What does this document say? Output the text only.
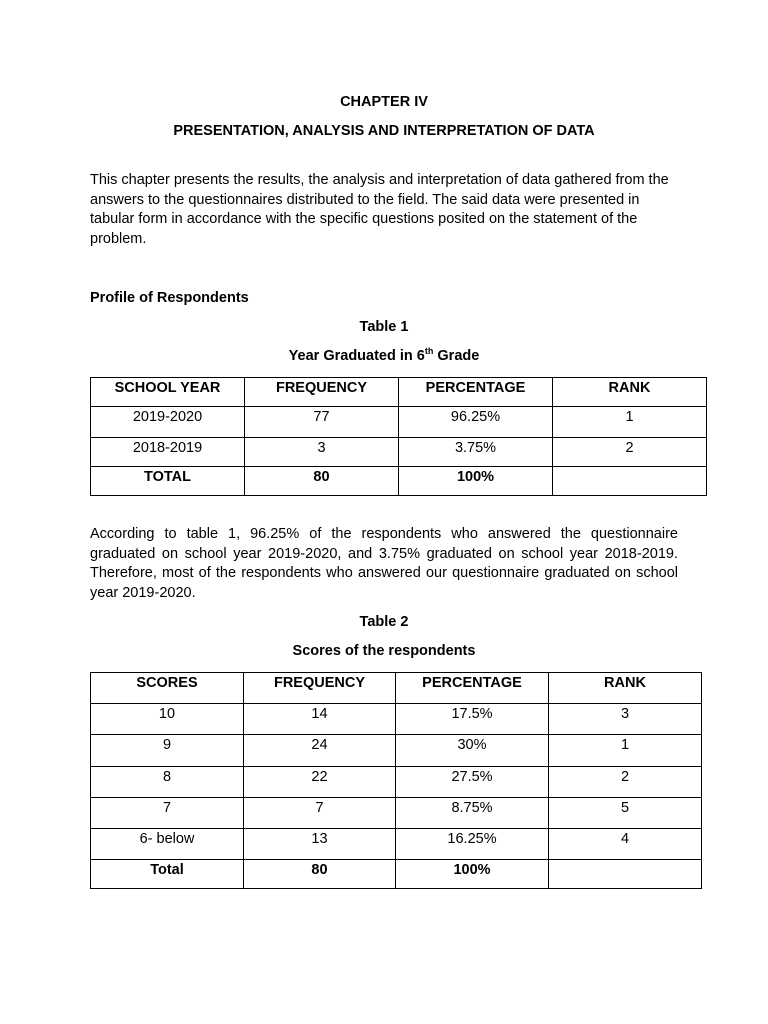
CHAPTER IV
PRESENTATION, ANALYSIS AND INTERPRETATION OF DATA

This chapter presents the results, the analysis and interpretation of data gathered from the answers to the questionnaires distributed to the field. The said data were presented in tabular form in accordance with the specific questions posited on the statement of the problem.

Profile of Respondents
Table 1
Year Graduated in 6th Grade
SCHOOL YEAR	FREQUENCY	PERCENTAGE	RANK
2019-2020	77	96.25%	1
2018-2019	3	3.75%	2
TOTAL	80	100%	

According to table 1, 96.25% of the respondents who answered the questionnaire graduated on school year 2019-2020, and 3.75% graduated on school year 2018-2019. Therefore, most of the respondents who answered our questionnaire graduated on school year 2019-2020.

Table 2
Scores of the respondents
SCORES	FREQUENCY	PERCENTAGE	RANK
10	14	17.5%	3
9	24	30%	1
8	22	27.5%	2
7	7	8.75%	5
6- below	13	16.25%	4
Total	80	100%	
